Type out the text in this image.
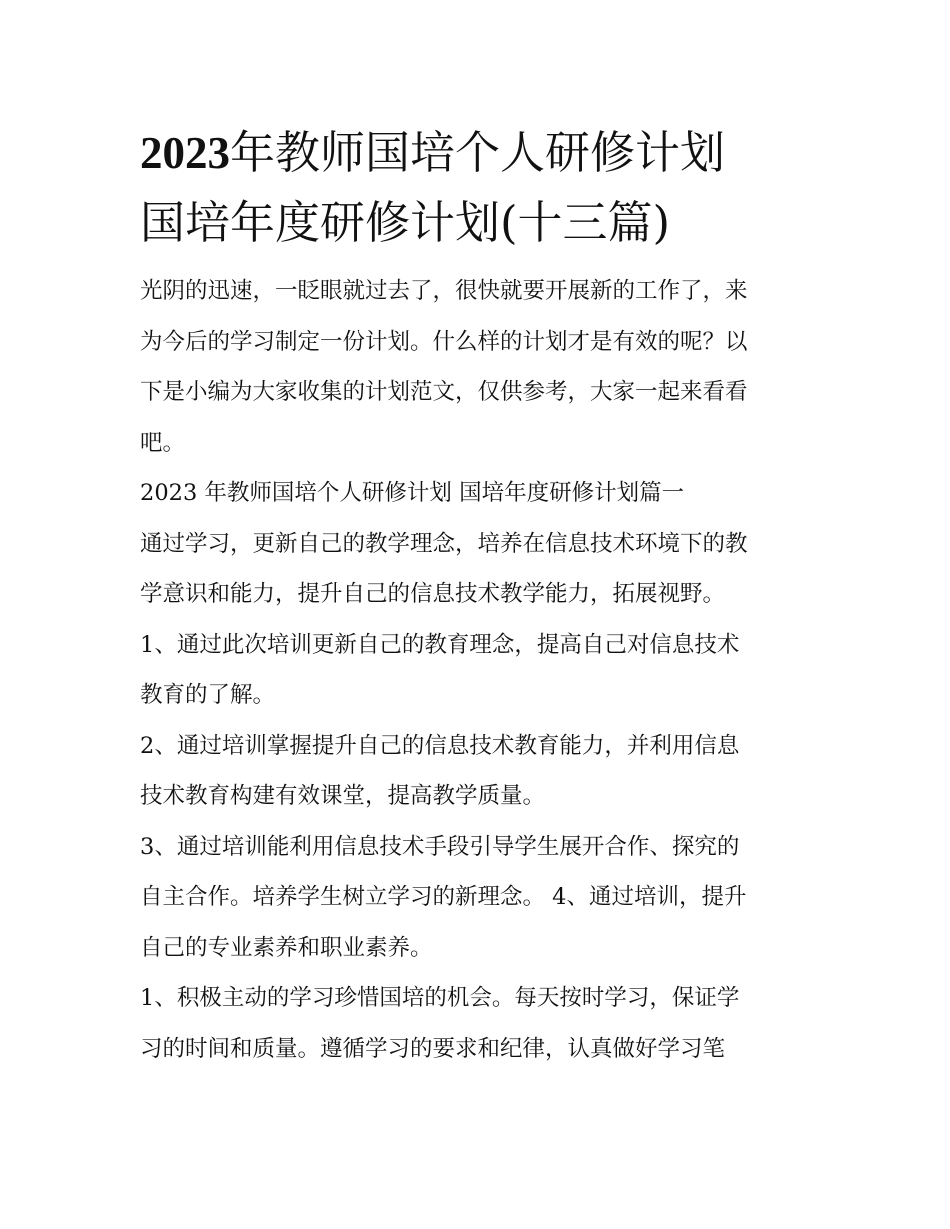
2023年教师国培个人研修计划
国培年度研修计划(十三篇)

光阴的迅速，一眨眼就过去了，很快就要开展新的工作了，来
为今后的学习制定一份计划。什么样的计划才是有效的呢？以
下是小编为大家收集的计划范文，仅供参考，大家一起来看看
吧。

2023 年教师国培个人研修计划 国培年度研修计划篇一

通过学习，更新自己的教学理念，培养在信息技术环境下的教
学意识和能力，提升自己的信息技术教学能力，拓展视野。

1、通过此次培训更新自己的教育理念，提高自己对信息技术
教育的了解。

2、通过培训掌握提升自己的信息技术教育能力，并利用信息
技术教育构建有效课堂，提高教学质量。

3、通过培训能利用信息技术手段引导学生展开合作、探究的
自主合作。培养学生树立学习的新理念。 4、通过培训，提升
自己的专业素养和职业素养。

1、积极主动的学习珍惜国培的机会。每天按时学习，保证学
习的时间和质量。遵循学习的要求和纪律，认真做好学习笔
